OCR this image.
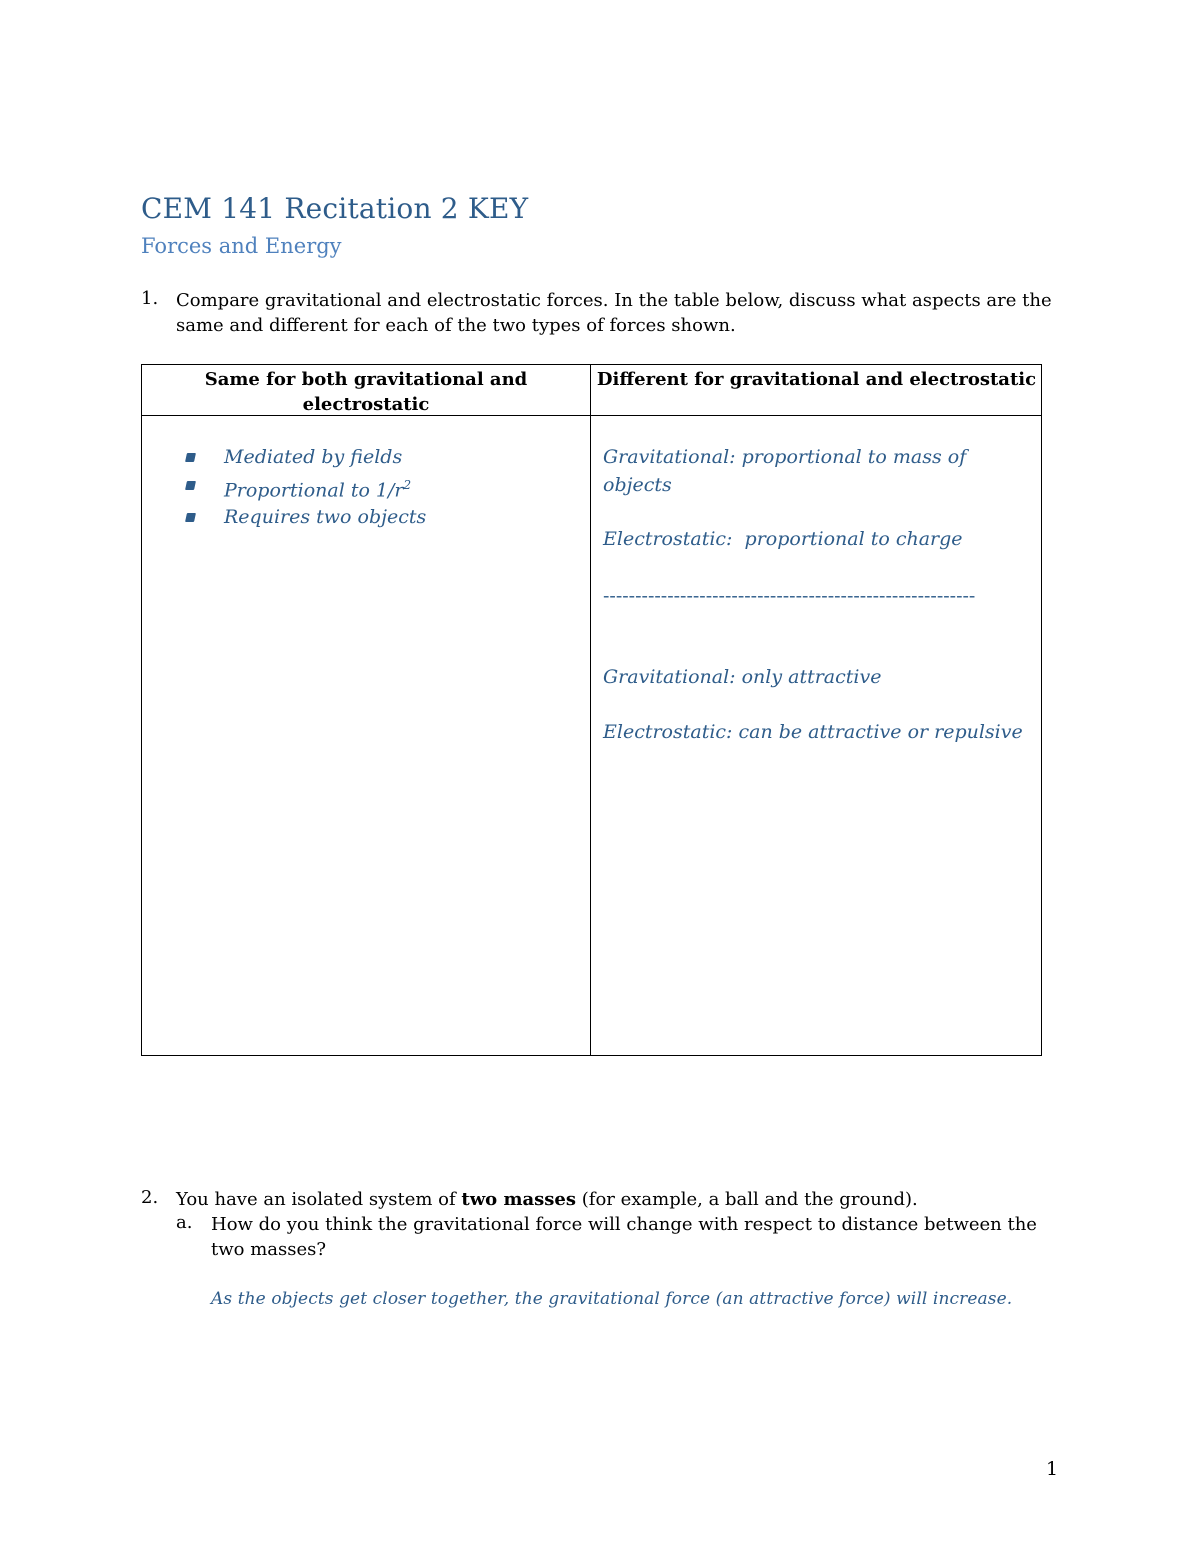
CEM 141 Recitation 2 KEY
Forces and Energy
1. Compare gravitational and electrostatic forces. In the table below, discuss what aspects are the same and different for each of the two types of forces shown.
Same for both gravitational and electrostatic
Different for gravitational and electrostatic
Mediated by fields
Proportional to $1/r^2$
Requires two objects
Gravitational: proportional to mass of objects
Electrostatic:  proportional to charge
----------------------------------------------------------
Gravitational: only attractive
Electrostatic: can be attractive or repulsive
2. You have an isolated system of two masses (for example, a ball and the ground).
a. How do you think the gravitational force will change with respect to distance between the two masses?
As the objects get closer together, the gravitational force (an attractive force) will increase.
1
